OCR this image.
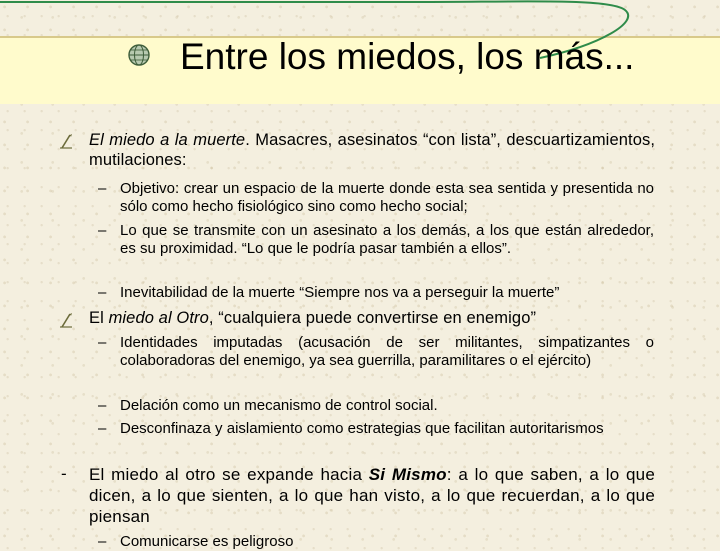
Entre los miedos, los más...
El miedo a la muerte. Masacres, asesinatos “con lista”, descuartizamientos, mutilaciones:
– Objetivo: crear un espacio de la muerte donde esta sea sentida y presentida no sólo como hecho fisiológico sino como hecho social;
– Lo que se transmite con un asesinato a los demás, a los que están alrededor, es su proximidad. “Lo que le podría pasar también a ellos”.
– Inevitabilidad de la muerte “Siempre nos va a perseguir la muerte”
El miedo al Otro, “cualquiera puede convertirse en enemigo”
– Identidades imputadas (acusación de ser militantes, simpatizantes o colaboradoras del enemigo, ya sea guerrilla, paramilitares o el ejército)
– Delación como un mecanismo de control social.
– Desconfinaza y aislamiento como estrategias que facilitan autoritarismos
- El miedo al otro se expande hacia Si Mismo: a lo que saben, a lo que dicen, a lo que sienten, a lo que han visto, a lo que recuerdan, a lo que piensan
– Comunicarse es peligroso
